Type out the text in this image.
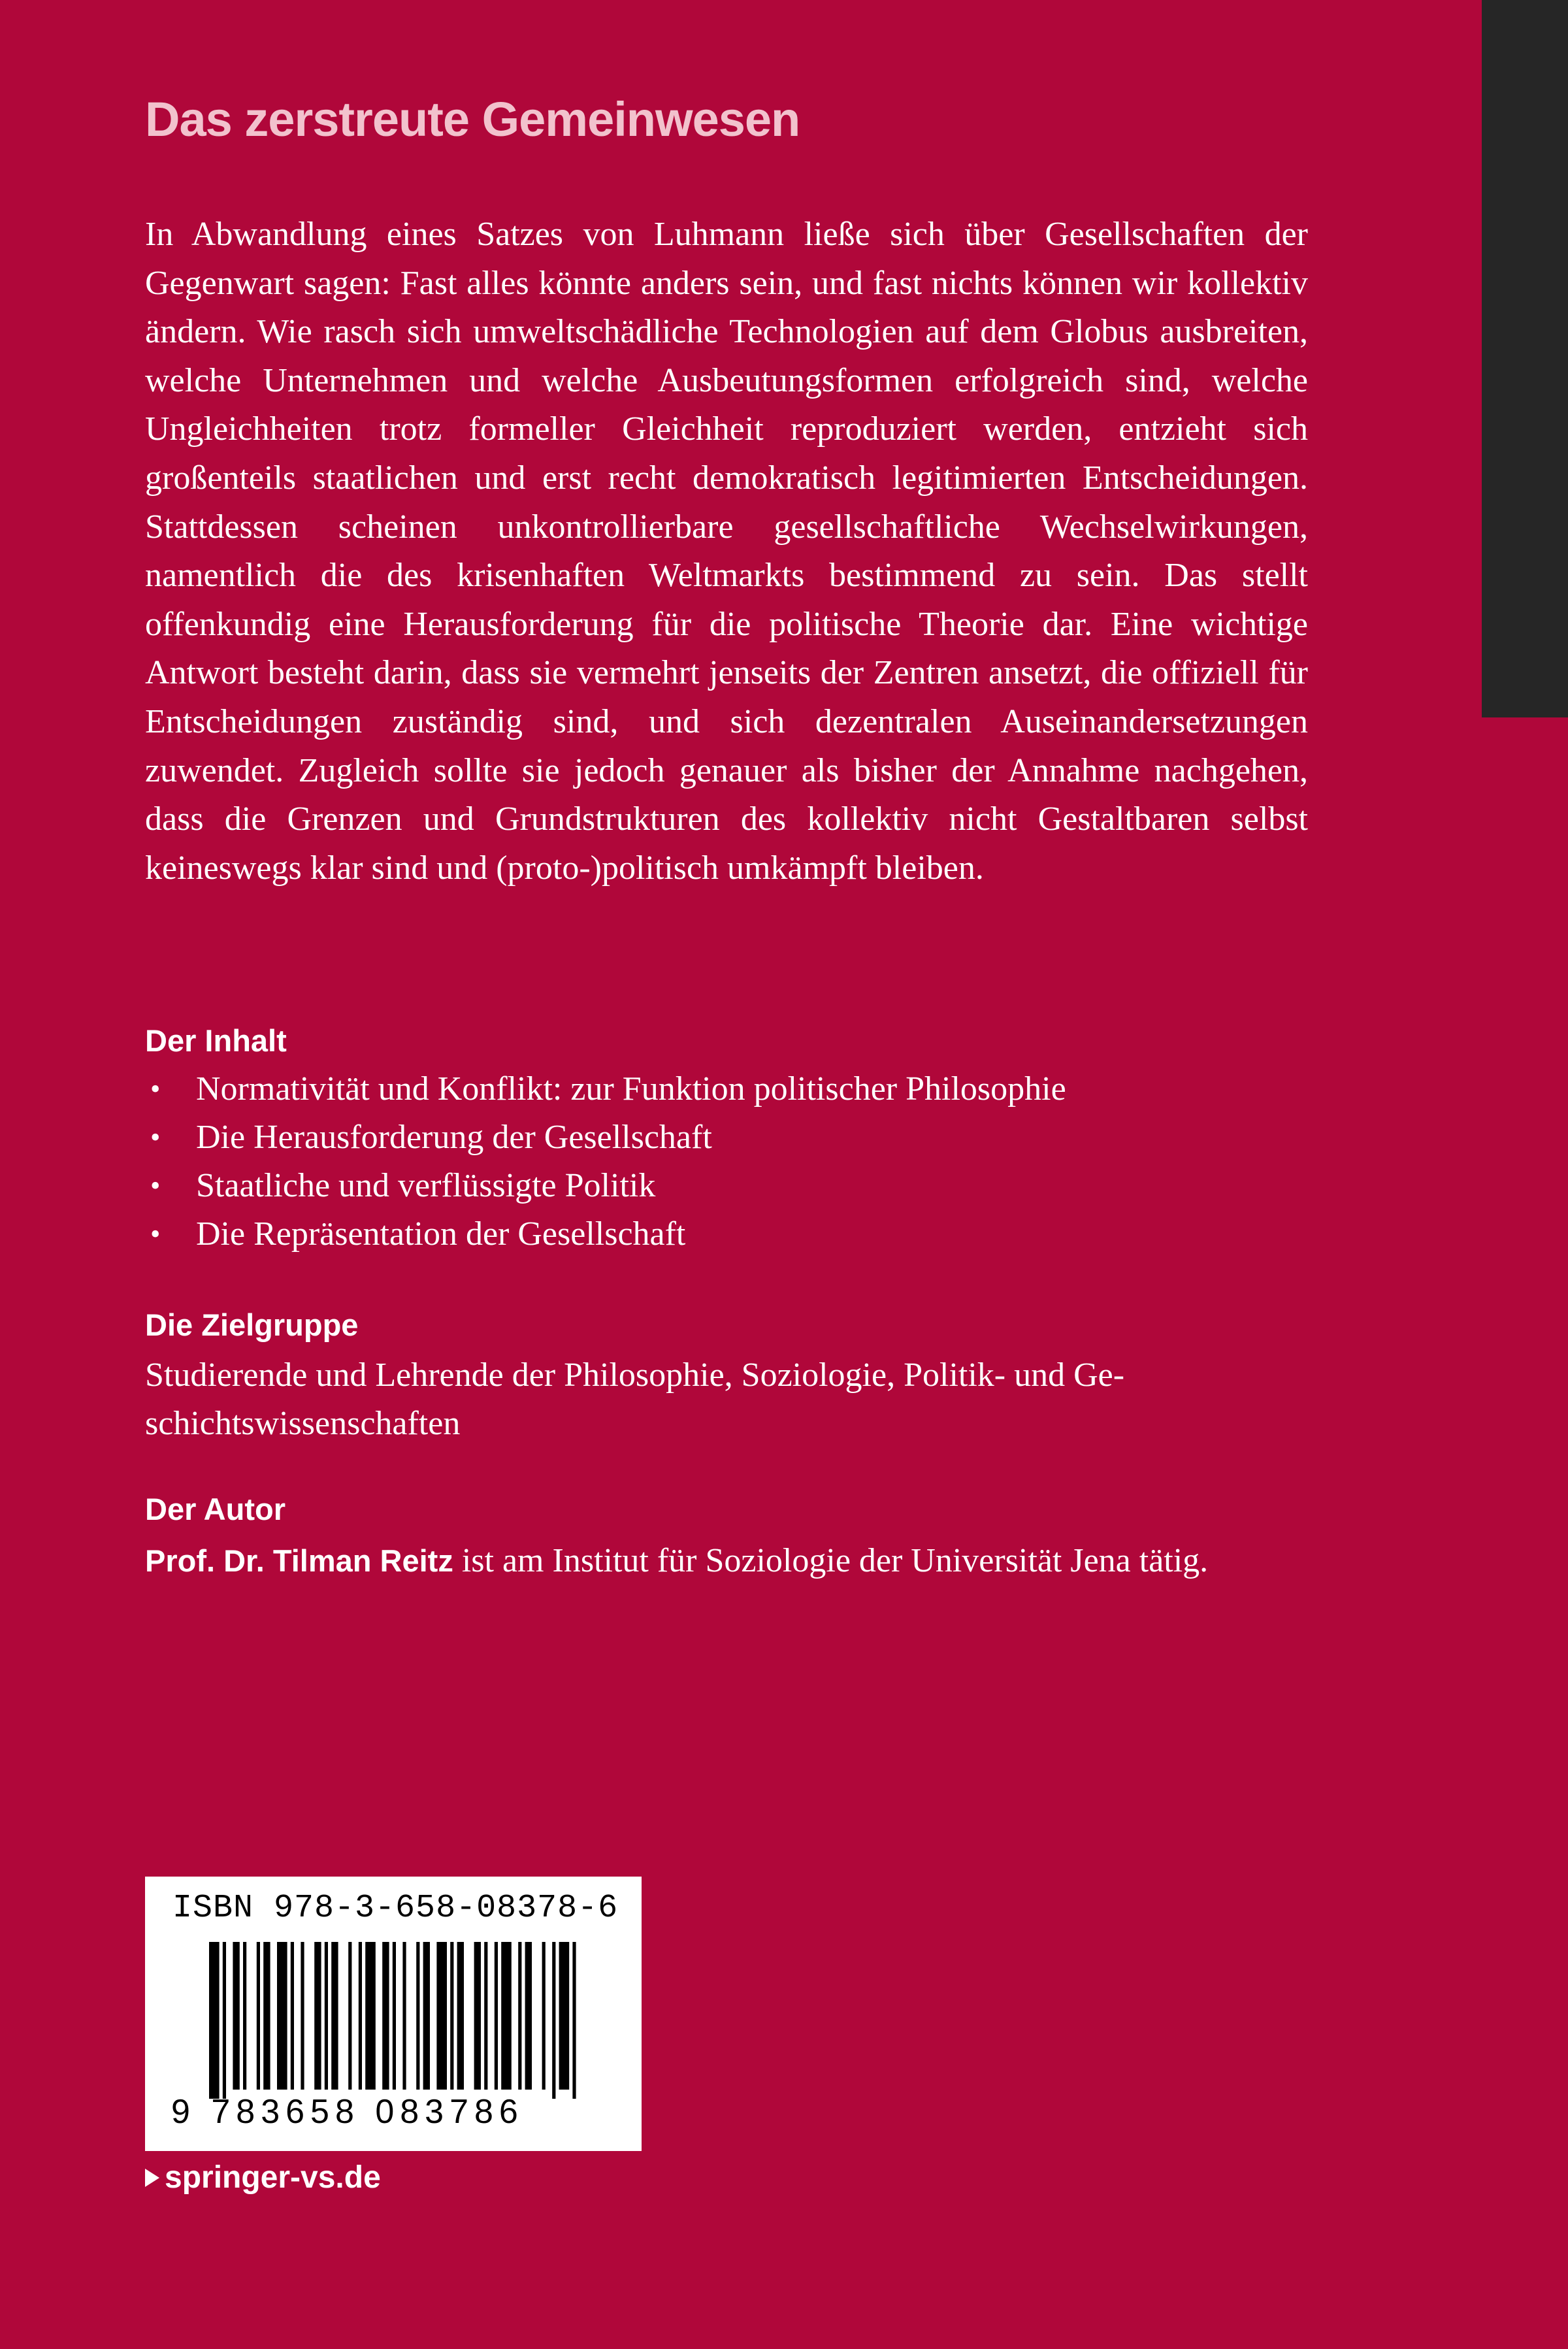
Das zerstreute Gemeinwesen

In Abwandlung eines Satzes von Luhmann ließe sich über Gesellschaften der Gegenwart sagen: Fast alles könnte anders sein, und fast nichts können wir kollektiv ändern. Wie rasch sich umweltschädliche Technologien auf dem Globus ausbreiten, welche Unternehmen und welche Ausbeutungsformen erfolgreich sind, welche Ungleichheiten trotz formeller Gleichheit reproduziert werden, entzieht sich großenteils staatlichen und erst recht demokratisch legitimierten Entscheidungen. Stattdessen scheinen unkontrollierbare gesellschaftliche Wechselwirkungen, namentlich die des krisenhaften Weltmarkts bestimmend zu sein. Das stellt offenkundig eine Herausforderung für die politische Theorie dar. Eine wichtige Antwort besteht darin, dass sie vermehrt jenseits der Zentren ansetzt, die offiziell für Entscheidungen zuständig sind, und sich dezentralen Auseinandersetzungen zuwendet. Zugleich sollte sie jedoch genauer als bisher der Annahme nachgehen, dass die Grenzen und Grundstrukturen des kollektiv nicht Gestaltbaren selbst keineswegs klar sind und (proto-)politisch umkämpft bleiben.

Der Inhalt
• Normativität und Konflikt: zur Funktion politischer Philosophie
• Die Herausforderung der Gesellschaft
• Staatliche und verflüssigte Politik
• Die Repräsentation der Gesellschaft
Die Zielgruppe

Studierende und Lehrende der Philosophie, Soziologie, Politik- und Geschichtswissenschaften

Der Autor

Prof. Dr. Tilman Reitz ist am Institut für Soziologie der Universität Jena tätig.

ISBN 978-3-658-08378-6

9 783658 083786

springer-vs.de
